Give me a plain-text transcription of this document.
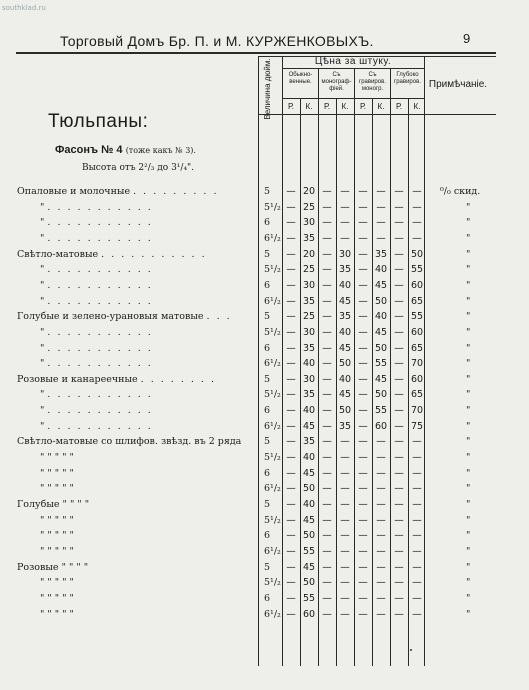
southklad.ru
Торговый Домъ Бр. П. и М. КУРЖЕНКОВЫХЪ.	9
Величина дюйм.	Цѣна за штуку.
Обыкно-венные.
Съ монограф-фіей.
Съ гравиров. моногр.
Глубоко гравиров. Примѣчаніе.
Р.	К.	Р.	К.	Р.	К.	Р.	К.
Тюльпаны:
Фасонъ № 4 (тоже какъ № 3).
Высота отъ 2²/₃ до 3¹/₄".
Опаловые и молочные . . . . . . . . .	5	— 20 — — — — — —	⁰/₀ скид.
" . . . . . . . . . . .	5¹/₂ — 25 — — — — — —	"
" . . . . . . . . . . .	6	— 30 — — — — — —	"
" . . . . . . . . . . .	6¹/₂ — 35 — — — — — —	"
Свѣтло-матовые . . . . . . . . . . .	5	— 20 — 30 — 35 — 50	"
" . . . . . . . . . . .	5¹/₂ — 25 — 35 — 40 — 55	"
" . . . . . . . . . . .	6	— 30 — 40 — 45 — 60	"
" . . . . . . . . . . .	6¹/₂ — 35 — 45 — 50 — 65	"
Голубые и зелено-урановыя матовые . . .	5	— 25 — 35 — 40 — 55	"
" . . . . . . . . . . .	5¹/₂ — 30 — 40 — 45 — 60	"
" . . . . . . . . . . .	6	— 35 — 45 — 50 — 65	"
" . . . . . . . . . . .	6¹/₂ — 40 — 50 — 55 — 70	"
Розовые и канареечные . . . . . . . .	5	— 30 — 40 — 45 — 60	"
" . . . . . . . . . . .	5¹/₂ — 35 — 45 — 50 — 65	"
" . . . . . . . . . . .	6	— 40 — 50 — 55 — 70	"
" . . . . . . . . . . .	6¹/₂ — 45 — 35 — 60 — 75	"
Свѣтло-матовые со шлифов. звѣзд. въ 2 ряда 5	— 35 — — — — — —	"
" " " " "	5¹/₂ — 40 — — — — — —	"
" " " " "	6	— 45 — — — — — —	"
" " " " "	6¹/₂ — 50 — — — — — —	"
Голубые " " " "	5	— 40 — — — — — —	"
" " " " "	5¹/₂ — 45 — — — — — —	"
" " " " "	6	— 50 — — — — — —	"
" " " " "	6¹/₂ — 55 — — — — — —	"
Розовые " " " "	5	— 45 — — — — — —	"
" " " " "	5¹/₂ — 50 — — — — — —	"
" " " " "	6	— 55 — — — — — —	"
" " " " "	6¹/₂ — 60 — — — — — —	"
